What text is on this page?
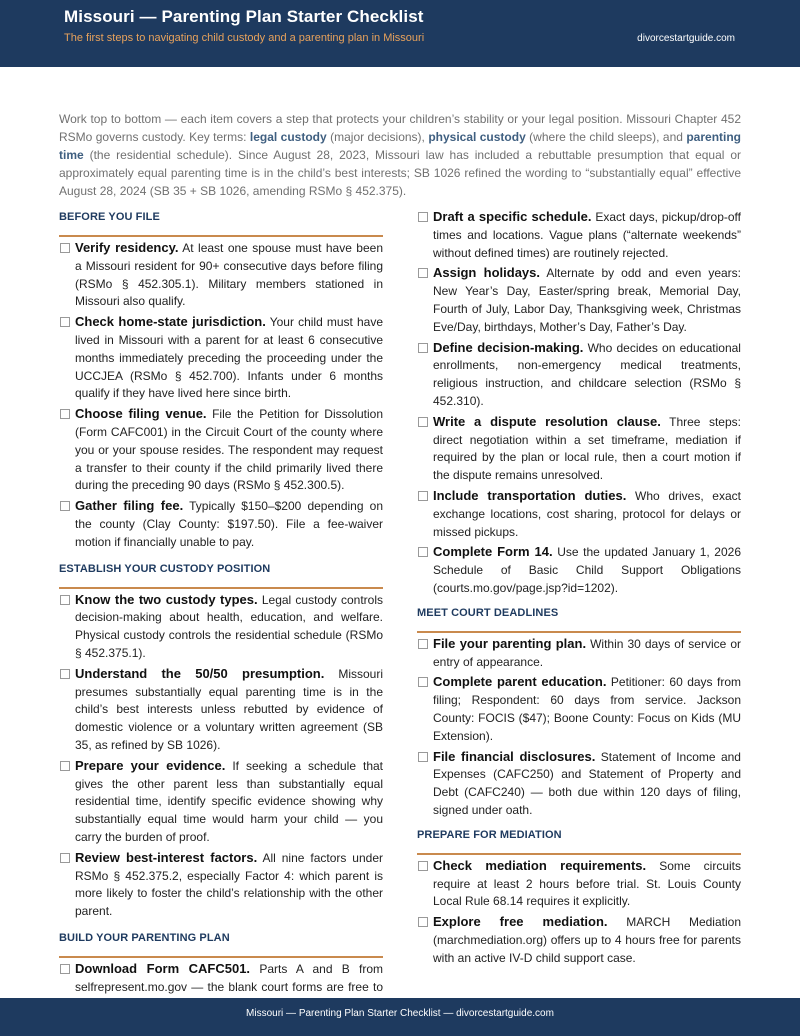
Missouri — Parenting Plan Starter Checklist
The first steps to navigating child custody and a parenting plan in Missouri	divorcestartguide.com
Work top to bottom — each item covers a step that protects your children’s stability or your legal position. Missouri Chapter 452 RSMo governs custody. Key terms: legal custody (major decisions), physical custody (where the child sleeps), and parenting time (the residential schedule). Since August 28, 2023, Missouri law has included a rebuttable presumption that equal or approximately equal parenting time is in the child’s best interests; SB 1026 refined the wording to “substantially equal” effective August 28, 2024 (SB 35 + SB 1026, amending RSMo § 452.375).
BEFORE YOU FILE
Verify residency. At least one spouse must have been a Missouri resident for 90+ consecutive days before filing (RSMo § 452.305.1). Military members stationed in Missouri also qualify.
Check home-state jurisdiction. Your child must have lived in Missouri with a parent for at least 6 consecutive months immediately preceding the proceeding under the UCCJEA (RSMo § 452.700). Infants under 6 months qualify if they have lived here since birth.
Choose filing venue. File the Petition for Dissolution (Form CAFC001) in the Circuit Court of the county where you or your spouse resides. The respondent may request a transfer to their county if the child primarily lived there during the preceding 90 days (RSMo § 452.300.5).
Gather filing fee. Typically $150–$200 depending on the county (Clay County: $197.50). File a fee-waiver motion if financially unable to pay.
ESTABLISH YOUR CUSTODY POSITION
Know the two custody types. Legal custody controls decision-making about health, education, and welfare. Physical custody controls the residential schedule (RSMo § 452.375.1).
Understand the 50/50 presumption. Missouri presumes substantially equal parenting time is in the child’s best interests unless rebutted by evidence of domestic violence or a voluntary written agreement (SB 35, as refined by SB 1026).
Prepare your evidence. If seeking a schedule that gives the other parent less than substantially equal residential time, identify specific evidence showing why substantially equal time would harm your child — you carry the burden of proof.
Review best-interest factors. All nine factors under RSMo § 452.375.2, especially Factor 4: which parent is more likely to foster the child’s relationship with the other parent.
BUILD YOUR PARENTING PLAN
Download Form CAFC501. Parts A and B from selfrepresent.mo.gov — the blank court forms are free to
Draft a specific schedule. Exact days, pickup/drop-off times and locations. Vague plans (“alternate weekends” without defined times) are routinely rejected.
Assign holidays. Alternate by odd and even years: New Year’s Day, Easter/spring break, Memorial Day, Fourth of July, Labor Day, Thanksgiving week, Christmas Eve/Day, birthdays, Mother’s Day, Father’s Day.
Define decision-making. Who decides on educational enrollments, non-emergency medical treatments, religious instruction, and childcare selection (RSMo § 452.310).
Write a dispute resolution clause. Three steps: direct negotiation within a set timeframe, mediation if required by the plan or local rule, then a court motion if the dispute remains unresolved.
Include transportation duties. Who drives, exact exchange locations, cost sharing, protocol for delays or missed pickups.
Complete Form 14. Use the updated January 1, 2026 Schedule of Basic Child Support Obligations (courts.mo.gov/page.jsp?id=1202).
MEET COURT DEADLINES
File your parenting plan. Within 30 days of service or entry of appearance.
Complete parent education. Petitioner: 60 days from filing; Respondent: 60 days from service. Jackson County: FOCIS ($47); Boone County: Focus on Kids (MU Extension).
File financial disclosures. Statement of Income and Expenses (CAFC250) and Statement of Property and Debt (CAFC240) — both due within 120 days of filing, signed under oath.
PREPARE FOR MEDIATION
Check mediation requirements. Some circuits require at least 2 hours before trial. St. Louis County Local Rule 68.14 requires it explicitly.
Explore free mediation. MARCH Mediation (marchmediation.org) offers up to 4 hours free for parents with an active IV-D child support case.
Missouri — Parenting Plan Starter Checklist — divorcestartguide.com
